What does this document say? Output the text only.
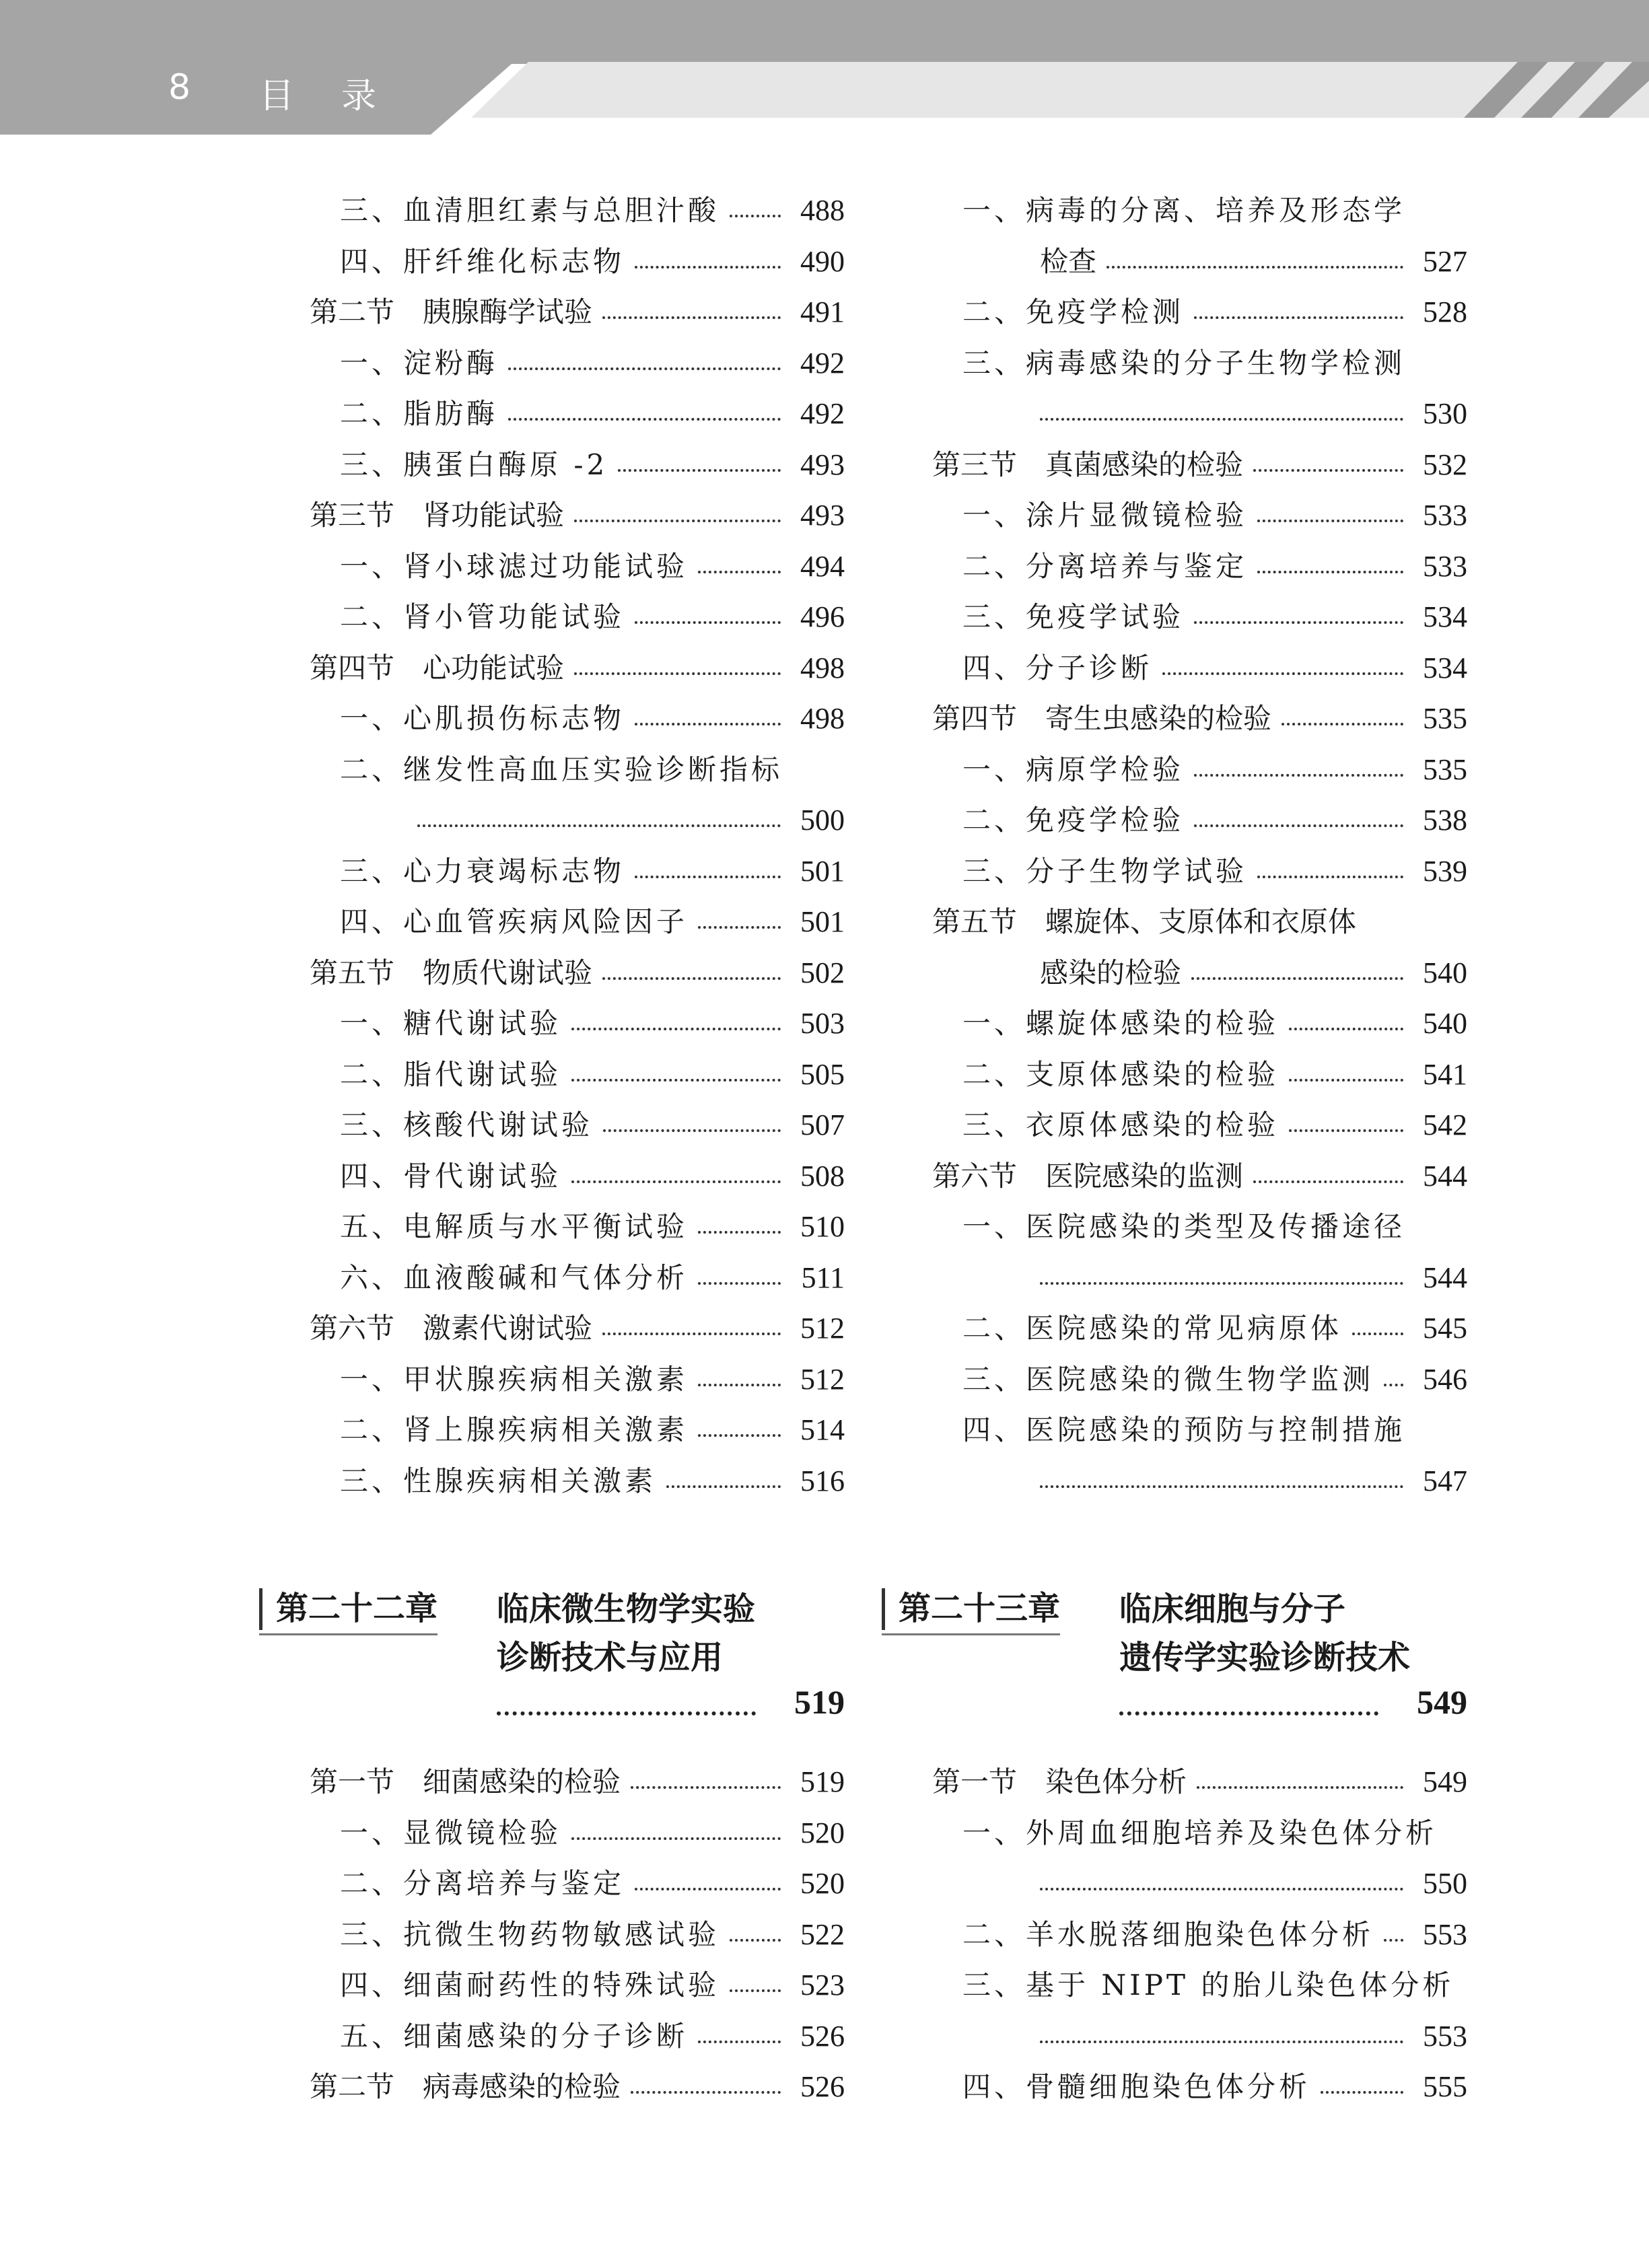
8 目录
三、血清胆红素与总胆汁酸	488
四、肝纤维化标志物	490
第二节　胰腺酶学试验	491
一、淀粉酶	492
二、脂肪酶	492
三、胰蛋白酶原 -2	493
第三节　肾功能试验	493
一、肾小球滤过功能试验	494
二、肾小管功能试验	496
第四节　心功能试验	498
一、心肌损伤标志物	498
二、继发性高血压实验诊断指标
500
三、心力衰竭标志物	501
四、心血管疾病风险因子	501
第五节　物质代谢试验	502
一、糖代谢试验	503
二、脂代谢试验	505
三、核酸代谢试验	507
四、骨代谢试验	508
五、电解质与水平衡试验	510
六、血液酸碱和气体分析	511
第六节　激素代谢试验	512
一、甲状腺疾病相关激素	512
二、肾上腺疾病相关激素	514
三、性腺疾病相关激素	516
第二十二章 临床微生物学实验
诊断技术与应用
519
第一节　细菌感染的检验	519
一、显微镜检验	520
二、分离培养与鉴定	520
三、抗微生物药物敏感试验	522
四、细菌耐药性的特殊试验	523
五、细菌感染的分子诊断	526
第二节　病毒感染的检验	526
一、病毒的分离、培养及形态学
检查	527
二、免疫学检测	528
三、病毒感染的分子生物学检测
530
第三节　真菌感染的检验	532
一、涂片显微镜检验	533
二、分离培养与鉴定	533
三、免疫学试验	534
四、分子诊断	534
第四节　寄生虫感染的检验	535
一、病原学检验	535
二、免疫学检验	538
三、分子生物学试验	539
第五节　螺旋体、支原体和衣原体
感染的检验	540
一、螺旋体感染的检验	540
二、支原体感染的检验	541
三、衣原体感染的检验	542
第六节　医院感染的监测	544
一、医院感染的类型及传播途径
544
二、医院感染的常见病原体	545
三、医院感染的微生物学监测	546
四、医院感染的预防与控制措施
547
第二十三章 临床细胞与分子
遗传学实验诊断技术
549
第一节　染色体分析	549
一、外周血细胞培养及染色体分析
550
二、羊水脱落细胞染色体分析	553
三、基于 NIPT 的胎儿染色体分析
553
四、骨髓细胞染色体分析	555
